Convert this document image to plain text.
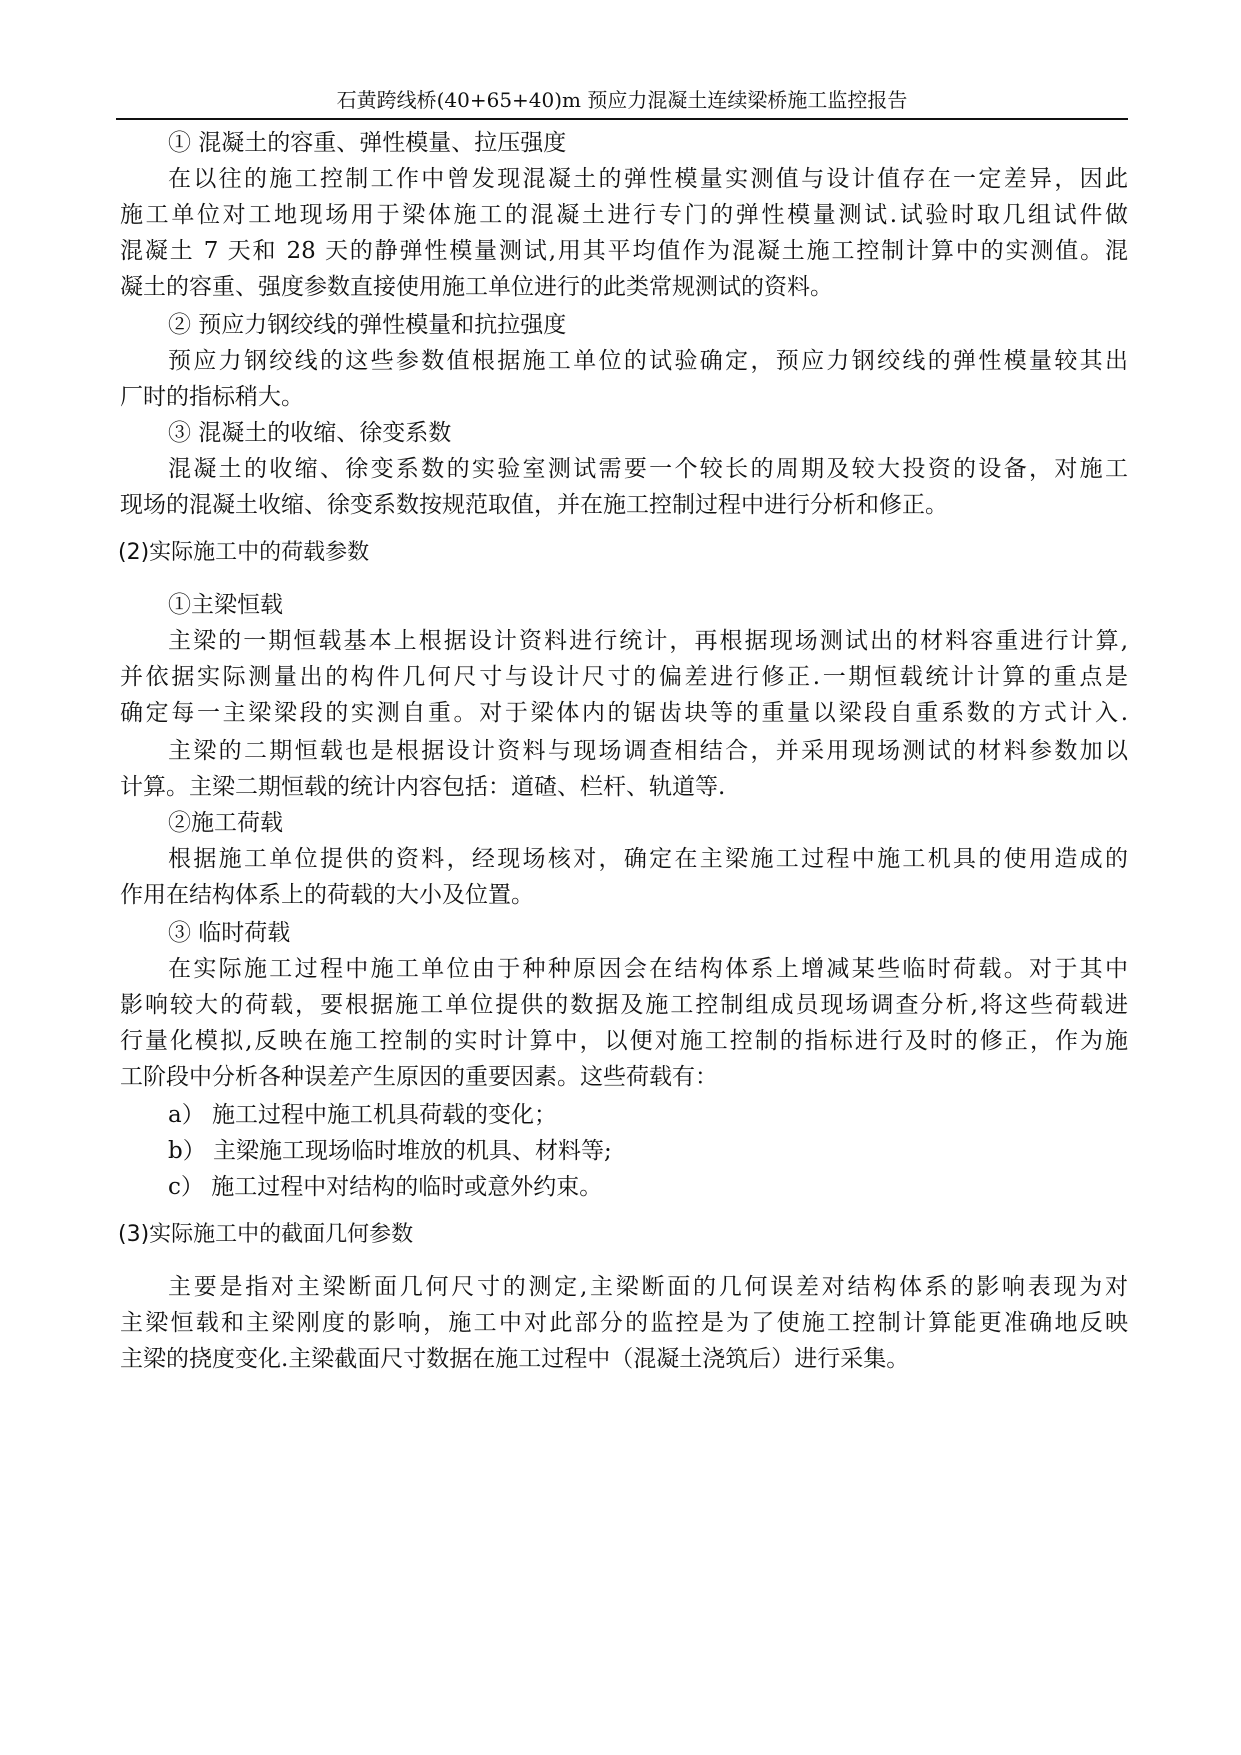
石黄跨线桥(40+65+40)m 预应力混凝土连续梁桥施工监控报告
① 混凝土的容重、弹性模量、拉压强度
在以往的施工控制工作中曾发现混凝土的弹性模量实测值与设计值存在一定差异，因此
施工单位对工地现场用于梁体施工的混凝土进行专门的弹性模量测试.试验时取几组试件做
混凝土 7 天和 28 天的静弹性模量测试,用其平均值作为混凝土施工控制计算中的实测值。混
凝土的容重、强度参数直接使用施工单位进行的此类常规测试的资料。
② 预应力钢绞线的弹性模量和抗拉强度
预应力钢绞线的这些参数值根据施工单位的试验确定，预应力钢绞线的弹性模量较其出
厂时的指标稍大。
③ 混凝土的收缩、徐变系数
混凝土的收缩、徐变系数的实验室测试需要一个较长的周期及较大投资的设备，对施工
现场的混凝土收缩、徐变系数按规范取值，并在施工控制过程中进行分析和修正。
(2)实际施工中的荷载参数
①主梁恒载
主梁的一期恒载基本上根据设计资料进行统计，再根据现场测试出的材料容重进行计算,
并依据实际测量出的构件几何尺寸与设计尺寸的偏差进行修正.一期恒载统计计算的重点是
确定每一主梁梁段的实测自重。对于梁体内的锯齿块等的重量以梁段自重系数的方式计入.
主梁的二期恒载也是根据设计资料与现场调查相结合，并采用现场测试的材料参数加以
计算。主梁二期恒载的统计内容包括：道碴、栏杆、轨道等.
②施工荷载
根据施工单位提供的资料，经现场核对，确定在主梁施工过程中施工机具的使用造成的
作用在结构体系上的荷载的大小及位置。
③ 临时荷载
在实际施工过程中施工单位由于种种原因会在结构体系上增减某些临时荷载。对于其中
影响较大的荷载，要根据施工单位提供的数据及施工控制组成员现场调查分析,将这些荷载进
行量化模拟,反映在施工控制的实时计算中，以便对施工控制的指标进行及时的修正，作为施
工阶段中分析各种误差产生原因的重要因素。这些荷载有：
a） 施工过程中施工机具荷载的变化；
b） 主梁施工现场临时堆放的机具、材料等;
c） 施工过程中对结构的临时或意外约束。
(3)实际施工中的截面几何参数
主要是指对主梁断面几何尺寸的测定,主梁断面的几何误差对结构体系的影响表现为对
主梁恒载和主梁刚度的影响，施工中对此部分的监控是为了使施工控制计算能更准确地反映
主梁的挠度变化.主梁截面尺寸数据在施工过程中（混凝土浇筑后）进行采集。
